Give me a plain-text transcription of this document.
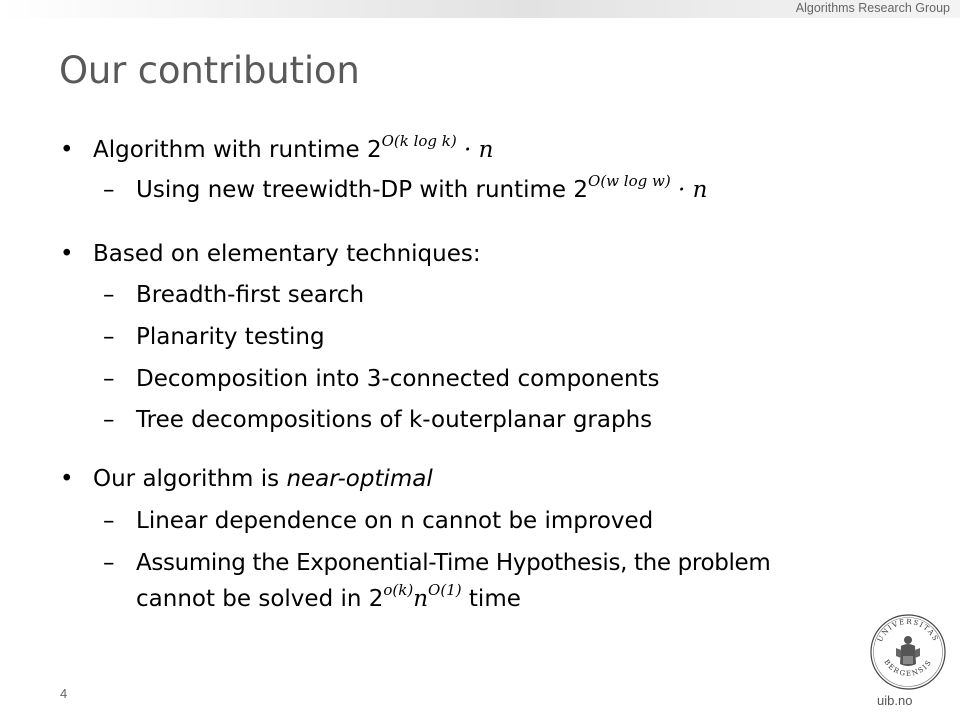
Algorithms Research Group
Our contribution
• Algorithm with runtime $2^{O(k log k)} \cdot n$
– Using new treewidth-DP with runtime $2^{O(w log w)} \cdot n$
• Based on elementary techniques:
– Breadth-first search
– Planarity testing
– Decomposition into 3-connected components
– Tree decompositions of k-outerplanar graphs
• Our algorithm is near-optimal
– Linear dependence on n cannot be improved
– Assuming the Exponential-Time Hypothesis, the problem
cannot be solved in $2^{o(k)}n^{O(1)}$ time
4
UNIVERSITAS
BERGENSIS
uib.no
